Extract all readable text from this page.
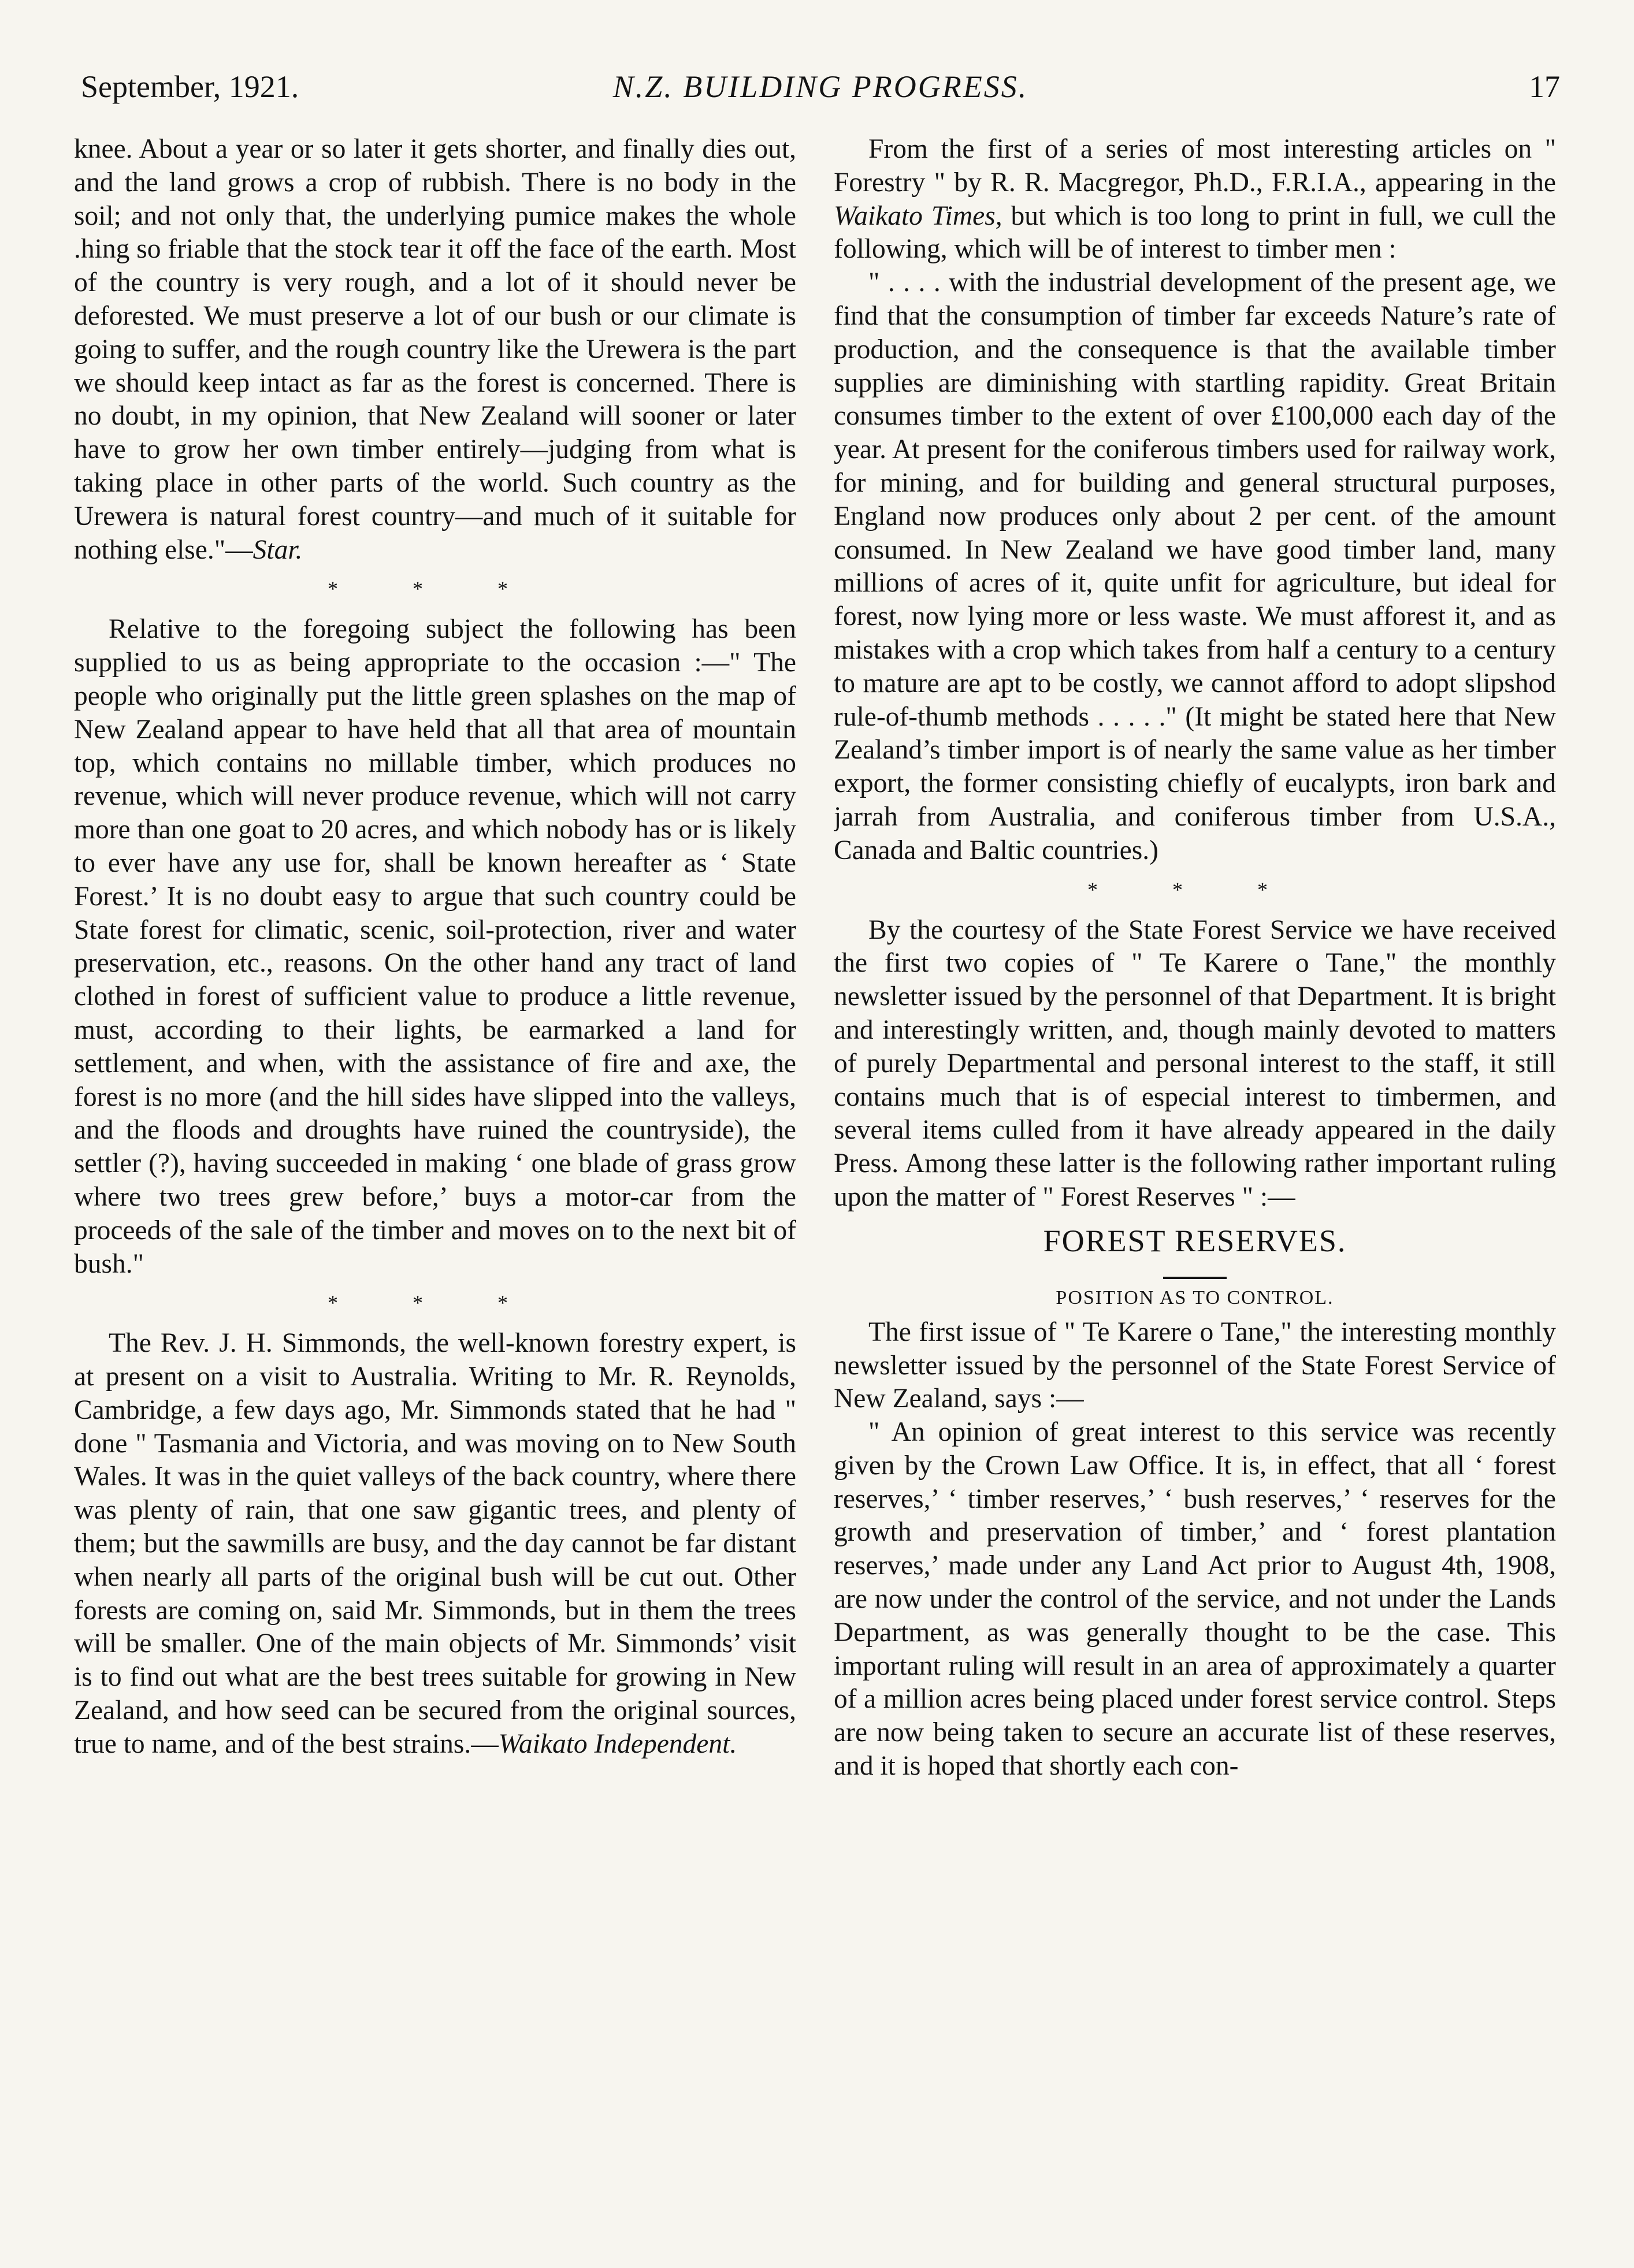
September, 1921.	N.Z. BUILDING PROGRESS.	17

knee. About a year or so later it gets shorter, and finally dies out, and the land grows a crop of rubbish. There is no body in the soil; and not only that, the underlying pumice makes the whole .hing so friable that the stock tear it off the face of the earth. Most of the country is very rough, and a lot of it should never be deforested. We must preserve a lot of our bush or our climate is going to suffer, and the rough country like the Urewera is the part we should keep intact as far as the forest is concerned. There is no doubt, in my opinion, that New Zealand will sooner or later have to grow her own timber entirely—judging from what is taking place in other parts of the world. Such country as the Urewera is natural forest country—and much of it suitable for nothing else."—Star.

* * *

Relative to the foregoing subject the following has been supplied to us as being appropriate to the occasion :—" The people who originally put the little green splashes on the map of New Zealand appear to have held that all that area of mountain top, which contains no millable timber, which produces no revenue, which will never produce revenue, which will not carry more than one goat to 20 acres, and which nobody has or is likely to ever have any use for, shall be known hereafter as ‘ State Forest.’ It is no doubt easy to argue that such country could be State forest for climatic, scenic, soil-protection, river and water preservation, etc., reasons. On the other hand any tract of land clothed in forest of sufficient value to produce a little revenue, must, according to their lights, be earmarked a land for settlement, and when, with the assistance of fire and axe, the forest is no more (and the hill sides have slipped into the valleys, and the floods and droughts have ruined the countryside), the settler (?), having succeeded in making ‘ one blade of grass grow where two trees grew before,’ buys a motor-car from the proceeds of the sale of the timber and moves on to the next bit of bush."

* * *

The Rev. J. H. Simmonds, the well-known forestry expert, is at present on a visit to Australia. Writing to Mr. R. Reynolds, Cambridge, a few days ago, Mr. Simmonds stated that he had " done " Tasmania and Victoria, and was moving on to New South Wales. It was in the quiet valleys of the back country, where there was plenty of rain, that one saw gigantic trees, and plenty of them; but the sawmills are busy, and the day cannot be far distant when nearly all parts of the original bush will be cut out. Other forests are coming on, said Mr. Simmonds, but in them the trees will be smaller. One of the main objects of Mr. Simmonds’ visit is to find out what are the best trees suitable for growing in New Zealand, and how seed can be secured from the original sources, true to name, and of the best strains.—Waikato Independent.

From the first of a series of most interesting articles on " Forestry " by R. R. Macgregor, Ph.D., F.R.I.A., appearing in the Waikato Times, but which is too long to print in full, we cull the following, which will be of interest to timber men :

" . . . . with the industrial development of the present age, we find that the consumption of timber far exceeds Nature’s rate of production, and the consequence is that the available timber supplies are diminishing with startling rapidity. Great Britain consumes timber to the extent of over £100,000 each day of the year. At present for the coniferous timbers used for railway work, for mining, and for building and general structural purposes, England now produces only about 2 per cent. of the amount consumed. In New Zealand we have good timber land, many millions of acres of it, quite unfit for agriculture, but ideal for forest, now lying more or less waste. We must afforest it, and as mistakes with a crop which takes from half a century to a century to mature are apt to be costly, we cannot afford to adopt slipshod rule-of-thumb methods . . . . ." (It might be stated here that New Zealand’s timber import is of nearly the same value as her timber export, the former consisting chiefly of eucalypts, iron bark and jarrah from Australia, and coniferous timber from U.S.A., Canada and Baltic countries.)

* * *

By the courtesy of the State Forest Service we have received the first two copies of " Te Karere o Tane," the monthly newsletter issued by the personnel of that Department. It is bright and interestingly written, and, though mainly devoted to matters of purely Departmental and personal interest to the staff, it still contains much that is of especial interest to timbermen, and several items culled from it have already appeared in the daily Press. Among these latter is the following rather important ruling upon the matter of " Forest Reserves " :—

FOREST RESERVES.
POSITION AS TO CONTROL.

The first issue of " Te Karere o Tane," the interesting monthly newsletter issued by the personnel of the State Forest Service of New Zealand, says :—

" An opinion of great interest to this service was recently given by the Crown Law Office. It is, in effect, that all ‘ forest reserves,’ ‘ timber reserves,’ ‘ bush reserves,’ ‘ reserves for the growth and preservation of timber,’ and ‘ forest plantation reserves,’ made under any Land Act prior to August 4th, 1908, are now under the control of the service, and not under the Lands Department, as was generally thought to be the case. This important ruling will result in an area of approximately a quarter of a million acres being placed under forest service control. Steps are now being taken to secure an accurate list of these reserves, and it is hoped that shortly each con-
